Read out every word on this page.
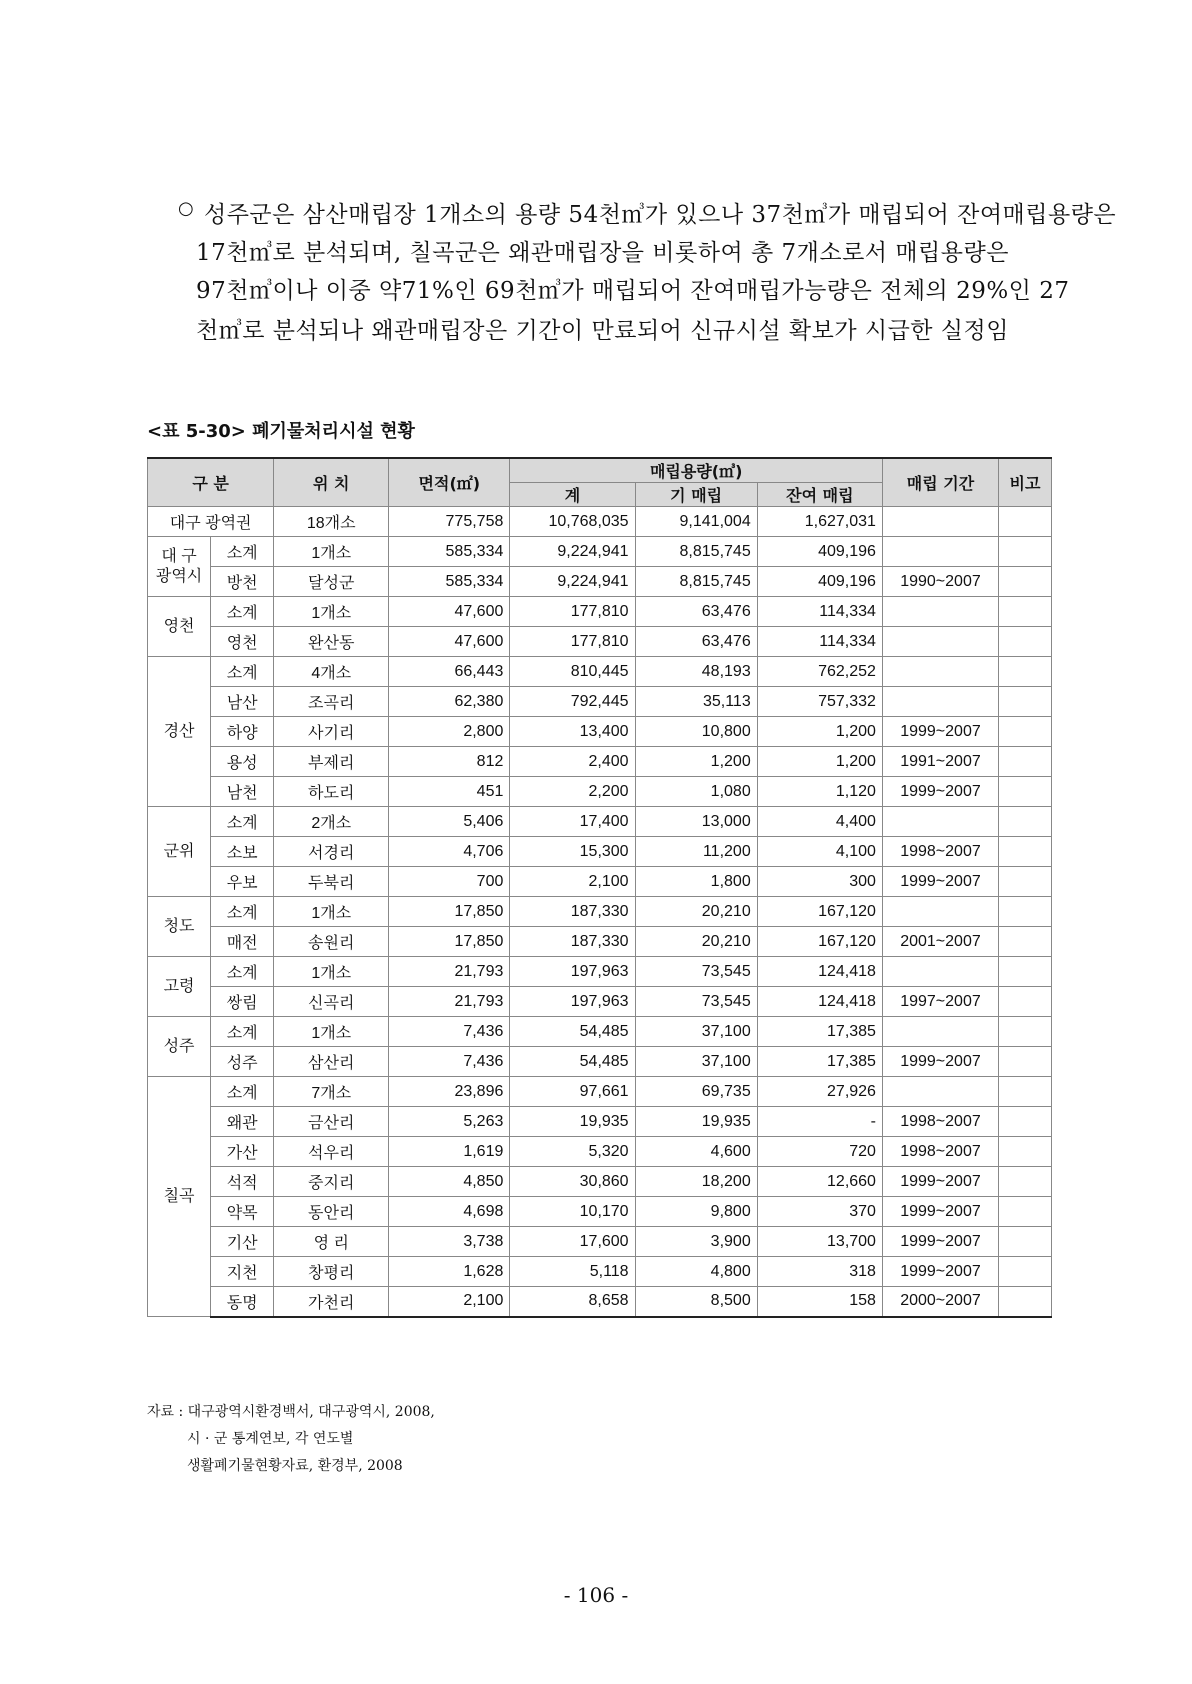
○ 성주군은 삼산매립장 1개소의 용량 54천㎥가 있으나 37천㎥가 매립되어 잔여매립용량은
17천㎥로 분석되며, 칠곡군은 왜관매립장을 비롯하여 총 7개소로서 매립용량은
97천㎥이나 이중 약71%인 69천㎥가 매립되어 잔여매립가능량은 전체의 29%인 27
천㎥로 분석되나 왜관매립장은 기간이 만료되어 신규시설 확보가 시급한 실정임
<표 5-30> 폐기물처리시설 현황
구 분		위 치	면적(㎡)	매립용량(㎥)			매립 기간	비고
				계	기 매립	잔여 매립		
대구 광역권		18개소	775,758	10,768,035	9,141,004	1,627,031		
대 구
광역시	소계	1개소	585,334	9,224,941	8,815,745	409,196		
	방천	달성군	585,334	9,224,941	8,815,745	409,196	1990~2007	
영천	소계	1개소	47,600	177,810	63,476	114,334		
	영천	완산동	47,600	177,810	63,476	114,334		
경산	소계	4개소	66,443	810,445	48,193	762,252		
	남산	조곡리	62,380	792,445	35,113	757,332		
	하양	사기리	2,800	13,400	10,800	1,200	1999~2007	
	용성	부제리	812	2,400	1,200	1,200	1991~2007	
	남천	하도리	451	2,200	1,080	1,120	1999~2007	
군위	소계	2개소	5,406	17,400	13,000	4,400		
	소보	서경리	4,706	15,300	11,200	4,100	1998~2007	
	우보	두북리	700	2,100	1,800	300	1999~2007	
청도	소계	1개소	17,850	187,330	20,210	167,120		
	매전	송원리	17,850	187,330	20,210	167,120	2001~2007	
고령	소계	1개소	21,793	197,963	73,545	124,418		
	쌍림	신곡리	21,793	197,963	73,545	124,418	1997~2007	
성주	소계	1개소	7,436	54,485	37,100	17,385		
	성주	삼산리	7,436	54,485	37,100	17,385	1999~2007	
칠곡	소계	7개소	23,896	97,661	69,735	27,926		
	왜관	금산리	5,263	19,935	19,935	-	1998~2007	
	가산	석우리	1,619	5,320	4,600	720	1998~2007	
	석적	중지리	4,850	30,860	18,200	12,660	1999~2007	
	약목	동안리	4,698	10,170	9,800	370	1999~2007	
	기산	영 리	3,738	17,600	3,900	13,700	1999~2007	
	지천	창평리	1,628	5,118	4,800	318	1999~2007	
	동명	가천리	2,100	8,658	8,500	158	2000~2007	
자료 : 대구광역시환경백서, 대구광역시, 2008,
시 · 군 통계연보, 각 연도별
생활폐기물현황자료, 환경부, 2008
- 106 -
